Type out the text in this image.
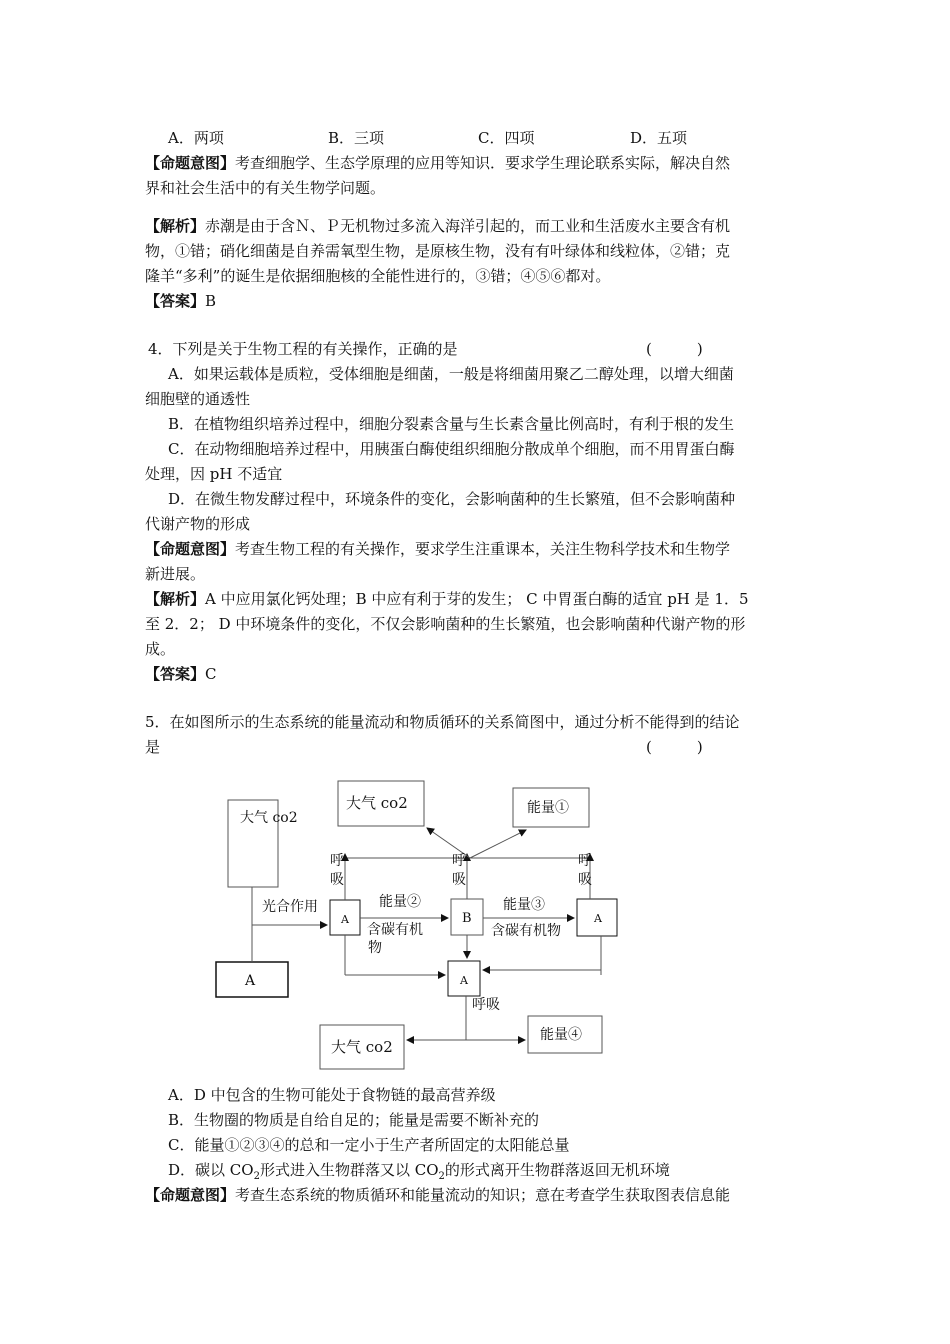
A．两项	B．三项	C．四项	D．五项
【命题意图】考查细胞学、生态学原理的应用等知识．要求学生理论联系实际，解决自然
界和社会生活中的有关生物学问题。
【解析】赤潮是由于含Ｎ、Ｐ无机物过多流入海洋引起的，而工业和生活废水主要含有机
物，①错；硝化细菌是自养需氧型生物，是原核生物，没有有叶绿体和线粒体，②错；克
隆羊“多利”的诞生是依据细胞核的全能性进行的，③错；④⑤⑥都对。
【答案】B
4．下列是关于生物工程的有关操作，正确的是	(　　　)
A．如果运载体是质粒，受体细胞是细菌，一般是将细菌用聚乙二醇处理，以增大细菌
细胞壁的通透性
B．在植物组织培养过程中，细胞分裂素含量与生长素含量比例高时，有利于根的发生
C．在动物细胞培养过程中，用胰蛋白酶使组织细胞分散成单个细胞，而不用胃蛋白酶
处理，因 pH 不适宜
D．在微生物发酵过程中，环境条件的变化，会影响菌种的生长繁殖，但不会影响菌种
代谢产物的形成
【命题意图】考查生物工程的有关操作，要求学生注重课本，关注生物科学技术和生物学
新进展。
【解析】A 中应用氯化钙处理；B 中应有利于芽的发生； C 中胃蛋白酶的适宜 pH 是 1．5
至 2．2； D 中环境条件的变化，不仅会影响菌种的生长繁殖，也会影响菌种代谢产物的形
成。
【答案】C
5．在如图所示的生态系统的能量流动和物质循环的关系简图中，通过分析不能得到的结论
是	(　　　)
大气 co2
大气 co2	能量①
呼
吸
呼
吸
呼
吸
光合作用	能量②	能量③
含碳有机
物
含碳有机物
A	B	A
A
A
呼吸
大气 co2
能量④
A．D 中包含的生物可能处于食物链的最高营养级
B．生物圈的物质是自给自足的；能量是需要不断补充的
C．能量①②③④的总和一定小于生产者所固定的太阳能总量
D．碳以 $CO_2$形式进入生物群落又以 $CO_2$的形式离开生物群落返回无机环境
【命题意图】考查生态系统的物质循环和能量流动的知识；意在考查学生获取图表信息能
